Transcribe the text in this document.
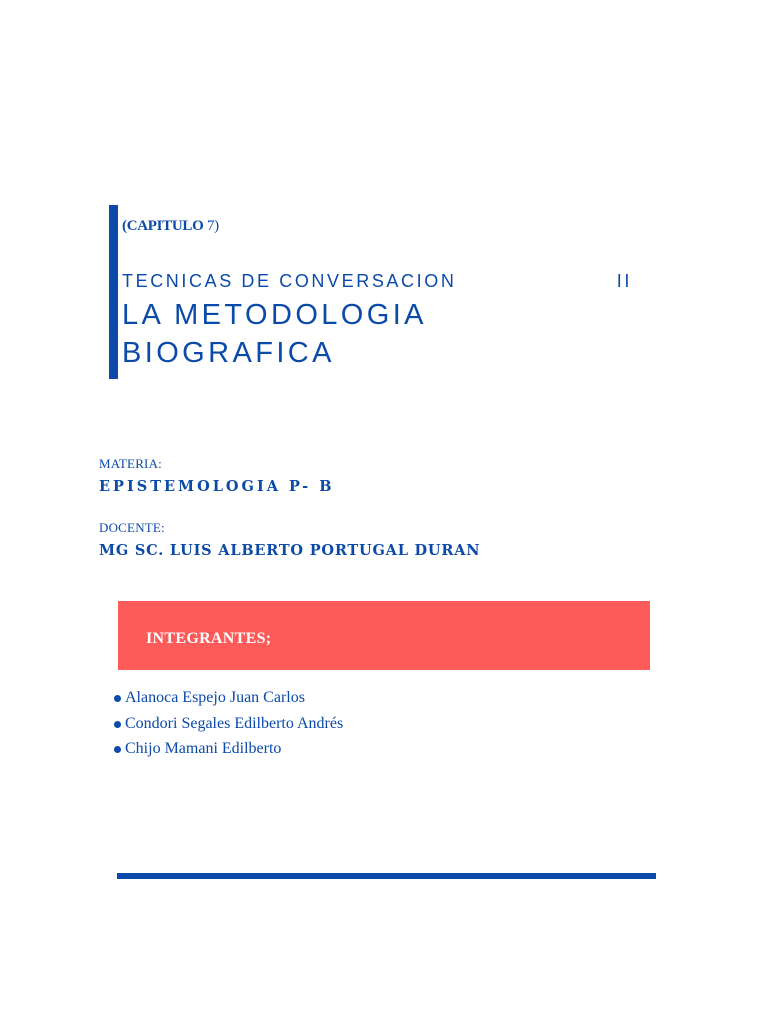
(CAPITULO 7)
TECNICAS DE CONVERSACION	II
LA METODOLOGIA
BIOGRAFICA
MATERIA:
EPISTEMOLOGIA P- B
DOCENTE:
MG SC. LUIS ALBERTO PORTUGAL DURAN
INTEGRANTES;
Alanoca Espejo Juan Carlos
Condori Segales Edilberto Andrés
Chijo Mamani Edilberto
